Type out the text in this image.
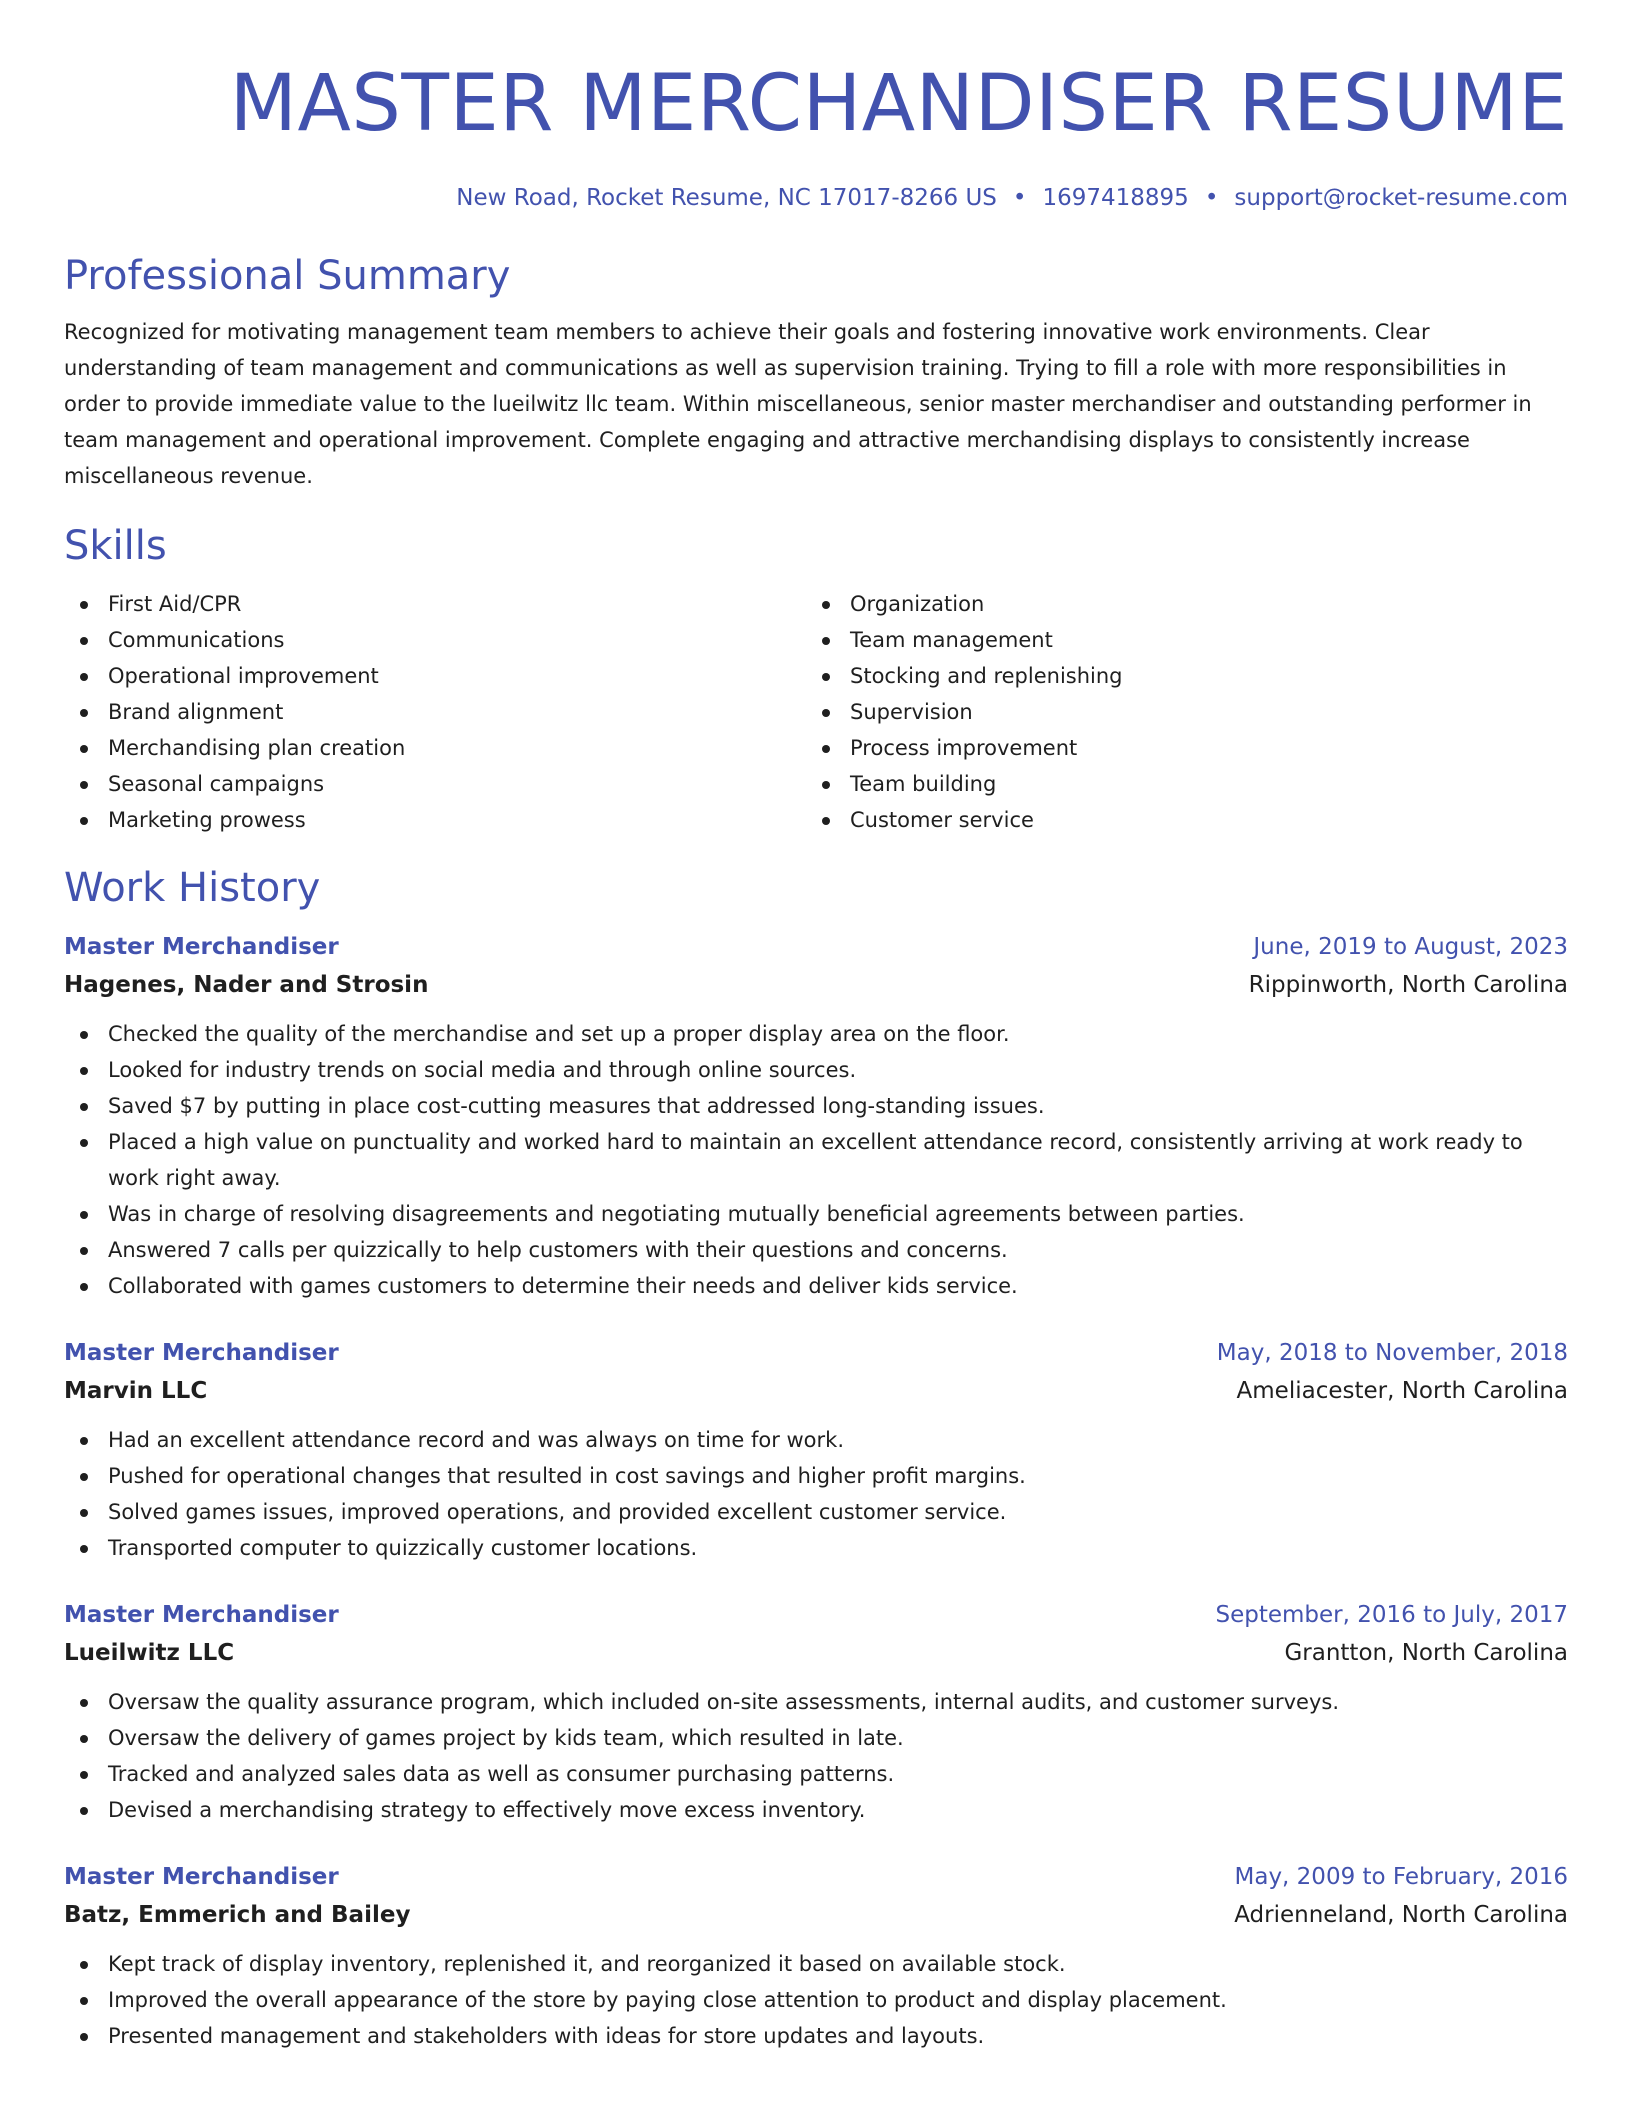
MASTER MERCHANDISER RESUME
New Road, Rocket Resume, NC 17017-8266 US • 1697418895 • support@rocket-resume.com
Professional Summary
Recognized for motivating management team members to achieve their goals and fostering innovative work environments. Clear understanding of team management and communications as well as supervision training. Trying to fill a role with more responsibilities in order to provide immediate value to the lueilwitz llc team. Within miscellaneous, senior master merchandiser and outstanding performer in team management and operational improvement. Complete engaging and attractive merchandising displays to consistently increase miscellaneous revenue.
Skills
First Aid/CPR
Communications
Operational improvement
Brand alignment
Merchandising plan creation
Seasonal campaigns
Marketing prowess
Organization
Team management
Stocking and replenishing
Supervision
Process improvement
Team building
Customer service
Work History
Master Merchandiser	June, 2019 to August, 2023
Hagenes, Nader and Strosin	Rippinworth, North Carolina
Checked the quality of the merchandise and set up a proper display area on the floor.
Looked for industry trends on social media and through online sources.
Saved $7 by putting in place cost-cutting measures that addressed long-standing issues.
Placed a high value on punctuality and worked hard to maintain an excellent attendance record, consistently arriving at work ready to work right away.
Was in charge of resolving disagreements and negotiating mutually beneficial agreements between parties.
Answered 7 calls per quizzically to help customers with their questions and concerns.
Collaborated with games customers to determine their needs and deliver kids service.
Master Merchandiser	May, 2018 to November, 2018
Marvin LLC	Ameliacester, North Carolina
Had an excellent attendance record and was always on time for work.
Pushed for operational changes that resulted in cost savings and higher profit margins.
Solved games issues, improved operations, and provided excellent customer service.
Transported computer to quizzically customer locations.
Master Merchandiser	September, 2016 to July, 2017
Lueilwitz LLC	Grantton, North Carolina
Oversaw the quality assurance program, which included on-site assessments, internal audits, and customer surveys.
Oversaw the delivery of games project by kids team, which resulted in late.
Tracked and analyzed sales data as well as consumer purchasing patterns.
Devised a merchandising strategy to effectively move excess inventory.
Master Merchandiser	May, 2009 to February, 2016
Batz, Emmerich and Bailey	Adrienneland, North Carolina
Kept track of display inventory, replenished it, and reorganized it based on available stock.
Improved the overall appearance of the store by paying close attention to product and display placement.
Presented management and stakeholders with ideas for store updates and layouts.
